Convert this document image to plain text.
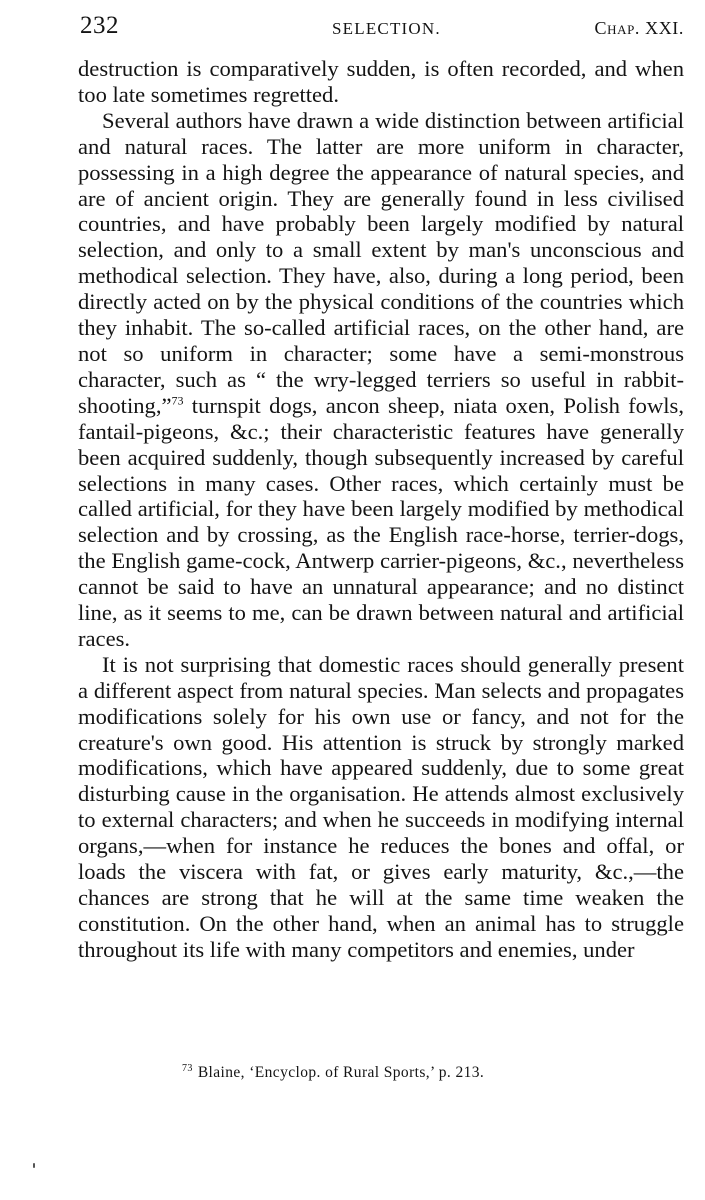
232	SELECTION.	Chap. XXI.

destruction is comparatively sudden, is often recorded, and when too late sometimes regretted.

Several authors have drawn a wide distinction between artificial and natural races. The latter are more uniform in character, possessing in a high degree the appearance of natural species, and are of ancient origin. They are generally found in less civilised countries, and have probably been largely modified by natural selection, and only to a small extent by man's unconscious and methodical selection. They have, also, during a long period, been directly acted on by the physical conditions of the countries which they inhabit. The so-called artificial races, on the other hand, are not so uniform in character; some have a semi-monstrous character, such as “ the wry-legged terriers so useful in rabbit-shooting,”$^{73}$ turnspit dogs, ancon sheep, niata oxen, Polish fowls, fantail-pigeons, &c.; their characteristic features have generally been acquired suddenly, though subsequently increased by careful selections in many cases. Other races, which certainly must be called artificial, for they have been largely modified by methodical selection and by crossing, as the English race-horse, terrier-dogs, the English game-cock, Antwerp carrier-pigeons, &c., nevertheless cannot be said to have an unnatural appearance; and no distinct line, as it seems to me, can be drawn between natural and artificial races.

It is not surprising that domestic races should generally present a different aspect from natural species. Man selects and propagates modifications solely for his own use or fancy, and not for the creature's own good. His attention is struck by strongly marked modifications, which have appeared suddenly, due to some great disturbing cause in the organisation. He attends almost exclusively to external characters; and when he succeeds in modifying internal organs,—when for instance he reduces the bones and offal, or loads the viscera with fat, or gives early maturity, &c.,—the chances are strong that he will at the same time weaken the constitution. On the other hand, when an animal has to struggle throughout its life with many competitors and enemies, under

$^{73}$ Blaine, ‘Encyclop. of Rural Sports,’ p. 213.
